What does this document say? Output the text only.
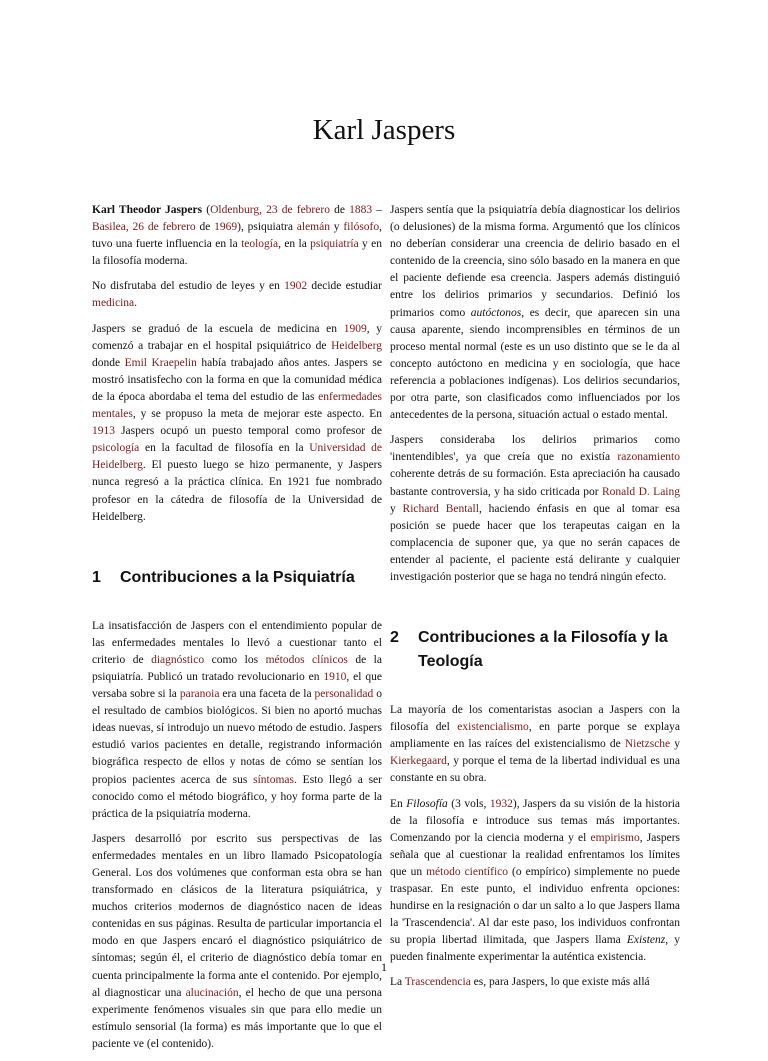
Karl Jaspers

Karl Theodor Jaspers (Oldenburg, 23 de febrero de 1883 –Basilea, 26 de febrero de 1969), psiquiatra alemán y filósofo, tuvo una fuerte influencia en la teología, en la psiquiatría y en la filosofía moderna.

No disfrutaba del estudio de leyes y en 1902 decide estudiar medicina.

Jaspers se graduó de la escuela de medicina en 1909, y comenzó a trabajar en el hospital psiquiátrico de Heidelberg donde Emil Kraepelin había trabajado años antes. Jaspers se mostró insatisfecho con la forma en que la comunidad médica de la época abordaba el tema del estudio de las enfermedades mentales, y se propuso la meta de mejorar este aspecto. En 1913 Jaspers ocupó un puesto temporal como profesor de psicología en la facultad de filosofía en la Universidad de Heidelberg. El puesto luego se hizo permanente, y Jaspers nunca regresó a la práctica clínica. En 1921 fue nombrado profesor en la cátedra de filosofía de la Universidad de Heidelberg.

1	Contribuciones a la Psiquiatría

La insatisfacción de Jaspers con el entendimiento popular de las enfermedades mentales lo llevó a cuestionar tanto el criterio de diagnóstico como los métodos clínicos de la psiquiatría. Publicó un tratado revolucionario en 1910, el que versaba sobre si la paranoia era una faceta de la personalidad o el resultado de cambios biológicos. Si bien no aportó muchas ideas nuevas, sí introdujo un nuevo método de estudio. Jaspers estudió varios pacientes en detalle, registrando información biográfica respecto de ellos y notas de cómo se sentían los propios pacientes acerca de sus síntomas. Esto llegó a ser conocido como el método biográfico, y hoy forma parte de la práctica de la psiquiatría moderna.

Jaspers desarrolló por escrito sus perspectivas de las enfermedades mentales en un libro llamado Psicopatología General. Los dos volúmenes que conforman esta obra se han transformado en clásicos de la literatura psiquiátrica, y muchos criterios modernos de diagnóstico nacen de ideas contenidas en sus páginas. Resulta de particular importancia el modo en que Jaspers encaró el diagnóstico psiquiátrico de síntomas; según él, el criterio de diagnóstico debía tomar en cuenta principalmente la forma ante el contenido. Por ejemplo, al diagnosticar una alucinación, el hecho de que una persona experimente fenómenos visuales sin que para ello medie un estímulo sensorial (la forma) es más importante que lo que el paciente ve (el contenido).

Jaspers sentía que la psiquiatría debía diagnosticar los delirios (o delusiones) de la misma forma. Argumentó que los clínicos no deberían considerar una creencia de delirio basado en el contenido de la creencia, sino sólo basado en la manera en que el paciente defiende esa creencia. Jaspers además distinguió entre los delirios primarios y secundarios. Definió los primarios como autóctonos, es decir, que aparecen sin una causa aparente, siendo incomprensibles en términos de un proceso mental normal (este es un uso distinto que se le da al concepto autóctono en medicina y en sociología, que hace referencia a poblaciones indígenas). Los delirios secundarios, por otra parte, son clasificados como influenciados por los antecedentes de la persona, situación actual o estado mental.

Jaspers consideraba los delirios primarios como 'inentendibles', ya que creía que no existía razonamiento coherente detrás de su formación. Esta apreciación ha causado bastante controversia, y ha sido criticada por Ronald D. Laing y Richard Bentall, haciendo énfasis en que al tomar esa posición se puede hacer que los terapeutas caigan en la complacencia de suponer que, ya que no serán capaces de entender al paciente, el paciente está delirante y cualquier investigación posterior que se haga no tendrá ningún efecto.

2	Contribuciones a la Filosofía y la Teología

La mayoría de los comentaristas asocian a Jaspers con la filosofía del existencialismo, en parte porque se explaya ampliamente en las raíces del existencialismo de Nietzsche y Kierkegaard, y porque el tema de la libertad individual es una constante en su obra.

En Filosofía (3 vols, 1932), Jaspers da su visión de la historia de la filosofía e introduce sus temas más importantes. Comenzando por la ciencia moderna y el empirismo, Jaspers señala que al cuestionar la realidad enfrentamos los límites que un método científico (o empírico) simplemente no puede traspasar. En este punto, el individuo enfrenta opciones: hundirse en la resignación o dar un salto a lo que Jaspers llama la 'Trascendencia'. Al dar este paso, los individuos confrontan su propia libertad ilimitada, que Jaspers llama Existenz, y pueden finalmente experimentar la auténtica existencia.

La Trascendencia es, para Jaspers, lo que existe más allá

1
